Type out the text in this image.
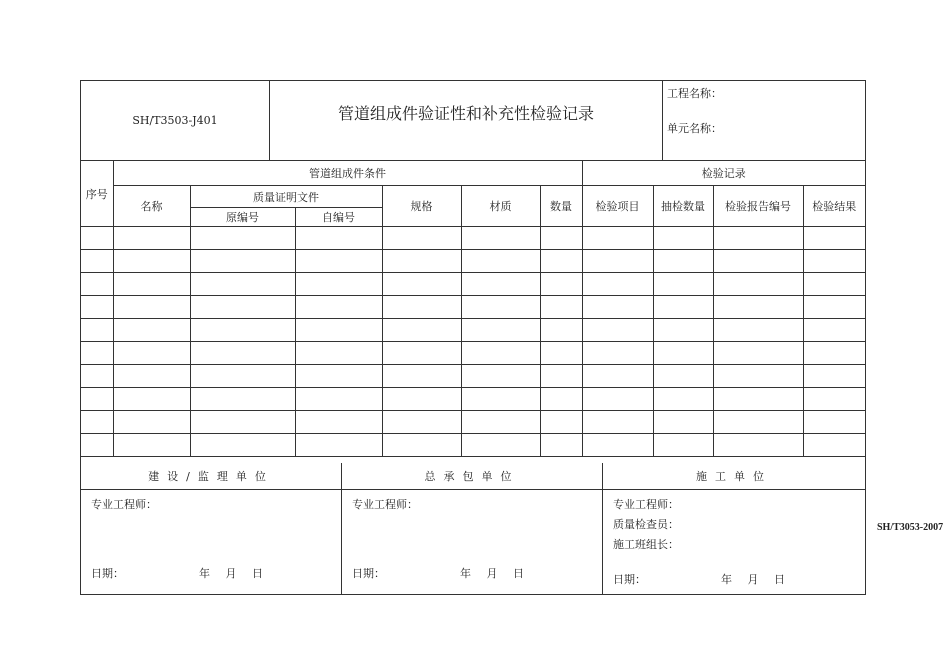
SH/T3503-J401	管道组成件验证性和补充性检验记录
工程名称：
单元名称：
序号	管道组成件条件						检验记录			
	名称	质量证明文件		规格	材质	数量	检验项目	抽检数量	检验报告编号	检验结果
		原编号	自编号							

建设/监理单位	总承包单位	施工单位
专业工程师：
日期：	年 月 日
专业工程师：
日期：	年 月 日
专业工程师：
质量检查员：
施工班组长：
日期：	年 月 日
SH/T3053-2007
